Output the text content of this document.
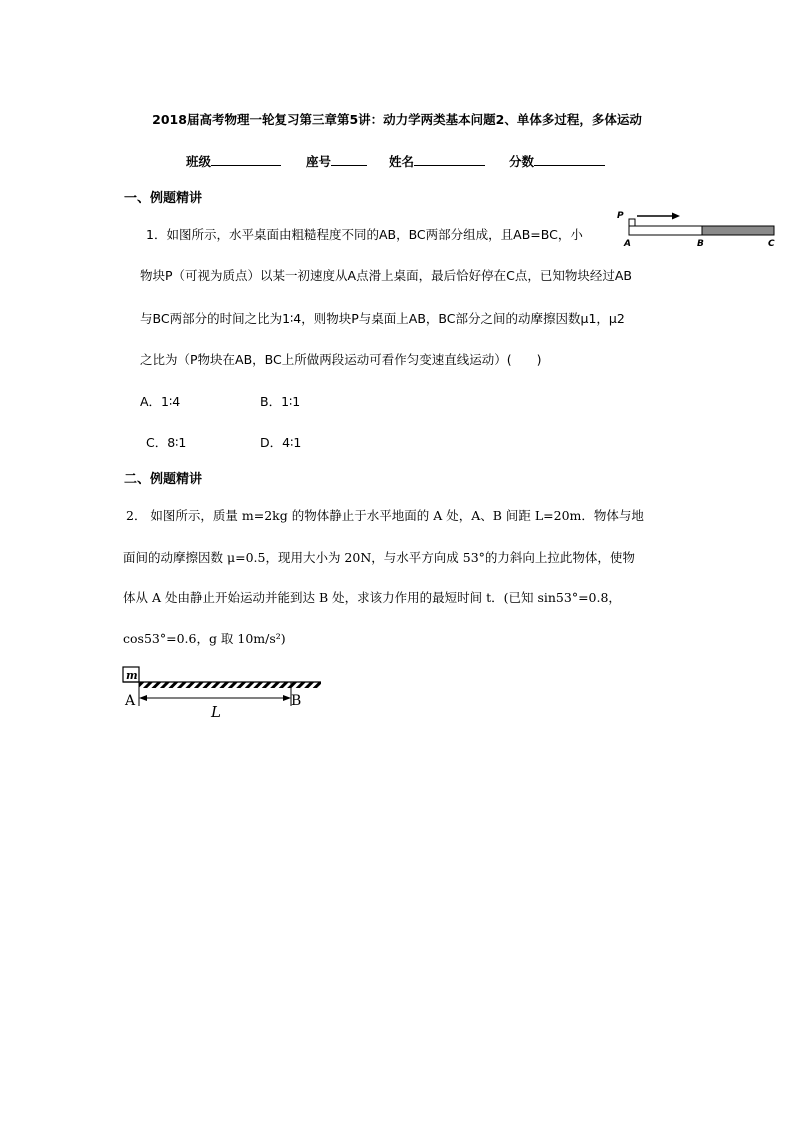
2018届高考物理一轮复习第三章第5讲：动力学两类基本问题2、单体多过程，多体运动
班级	座号	姓名	分数
一、例题精讲
1．如图所示，水平桌面由粗糙程度不同的AB，BC两部分组成，且AB=BC，小
物块P（可视为质点）以某一初速度从A点滑上桌面，最后恰好停在C点，已知物块经过AB
与BC两部分的时间之比为1∶4，则物块P与桌面上AB，BC部分之间的动摩擦因数μ1，μ2
之比为（P物块在AB，BC上所做两段运动可看作匀变速直线运动）(　　)
A．1∶4	B．1∶1
C．8∶1	D．4∶1
P
A	B	C
二、例题精讲
2． 如图所示，质量 m=2kg 的物体静止于水平地面的 A 处，A、B 间距 L=20m．物体与地
面间的动摩擦因数 μ=0.5，现用大小为 20N，与水平方向成 53°的力斜向上拉此物体，使物
体从 A 处由静止开始运动并能到达 B 处，求该力作用的最短时间 t．(已知 sin53°=0.8，
cos53°=0.6，g 取 10m/s²)
m
A	B
L
